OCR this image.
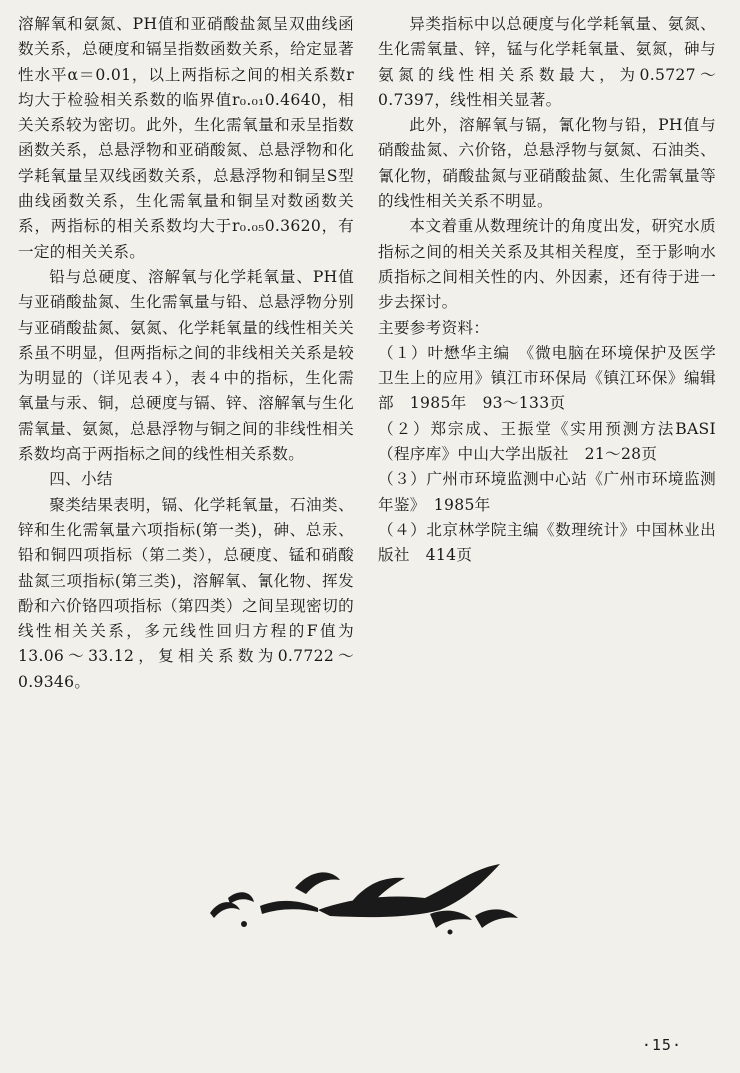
溶解氧和氨氮、PH值和亚硝酸盐氮呈双曲线函数关系，总硬度和镉呈指数函数关系，给定显著性水平α＝0.01，以上两指标之间的相关系数r均大于检验相关系数的临界值r₀.₀₁0.4640，相关关系较为密切。此外，生化需氧量和汞呈指数函数关系，总悬浮物和亚硝酸氮、总悬浮物和化学耗氧量呈双线函数关系，总悬浮物和铜呈S型曲线函数关系，生化需氧量和铜呈对数函数关系，两指标的相关系数均大于r₀.₀₅0.3620，有一定的相关关系。

铅与总硬度、溶解氧与化学耗氧量、PH值与亚硝酸盐氮、生化需氧量与铅、总悬浮物分别与亚硝酸盐氮、氨氮、化学耗氧量的线性相关关系虽不明显，但两指标之间的非线相关关系是较为明显的（详见表４），表４中的指标，生化需氧量与汞、铜，总硬度与镉、锌、溶解氧与生化需氧量、氨氮，总悬浮物与铜之间的非线性相关系数均高于两指标之间的线性相关系数。

四、小结

聚类结果表明，镉、化学耗氧量，石油类、锌和生化需氧量六项指标(第一类)，砷、总汞、铅和铜四项指标（第二类），总硬度、锰和硝酸盐氮三项指标(第三类)，溶解氧、氰化物、挥发酚和六价铬四项指标（第四类）之间呈现密切的线性相关关系，多元线性回归方程的F值为13.06～33.12，复相关系数为0.7722～0.9346。

异类指标中以总硬度与化学耗氧量、氨氮、生化需氧量、锌，锰与化学耗氧量、氨氮，砷与氨氮的线性相关系数最大，为0.5727～0.7397，线性相关显著。

此外，溶解氧与镉，氰化物与铅，PH值与硝酸盐氮、六价铬，总悬浮物与氨氮、石油类、氰化物，硝酸盐氮与亚硝酸盐氮、生化需氧量等的线性相关关系不明显。

本文着重从数理统计的角度出发，研究水质指标之间的相关关系及其相关程度，至于影响水质指标之间相关性的内、外因素，还有待于进一步去探讨。

主要参考资料：

（１）叶懋华主编　《微电脑在环境保护及医学卫生上的应用》镇江市环保局《镇江环保》编辑部　1985年　93～133页

（２）郑宗成、王振堂《实用预测方法BASI（程序库》中山大学出版社　21～28页

（３）广州市环境监测中心站《广州市环境监测年鉴》　1985年

（４）北京林学院主编《数理统计》中国林业出版社　414页

·15·
